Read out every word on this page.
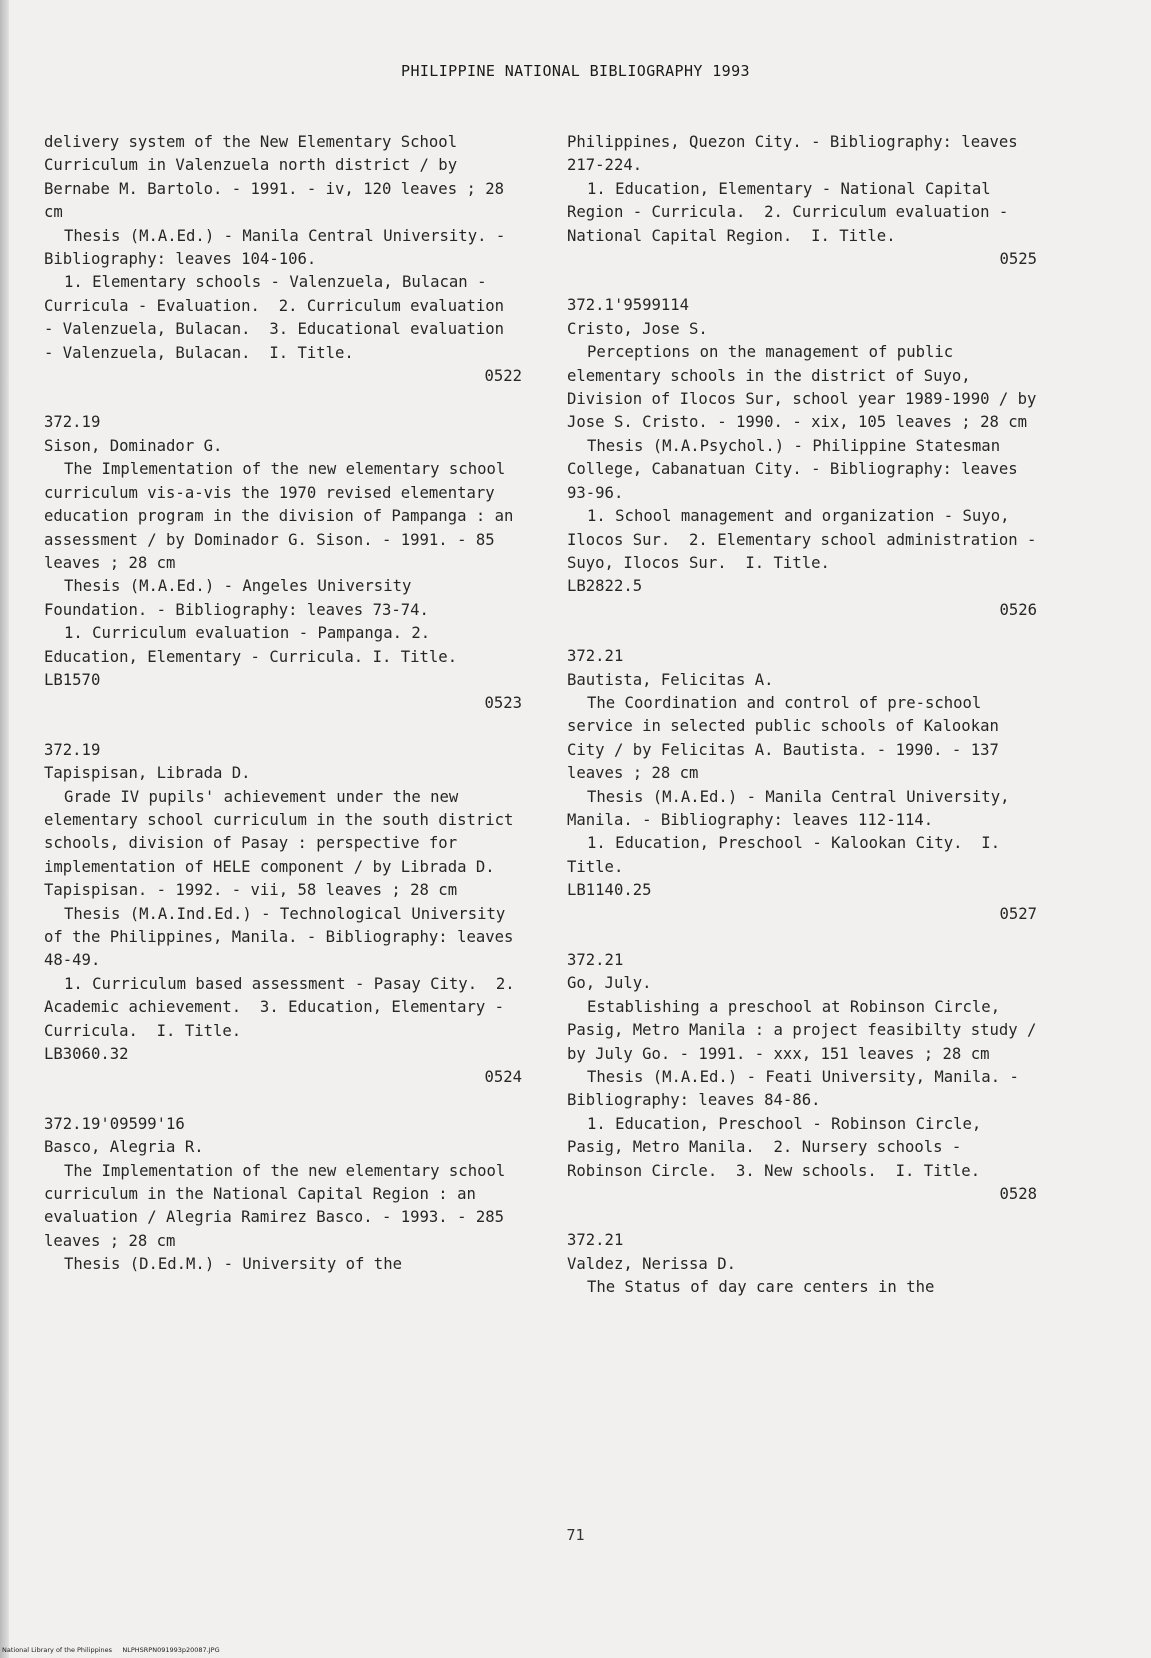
PHILIPPINE NATIONAL BIBLIOGRAPHY 1993

delivery system of the New Elementary School Curriculum in Valenzuela north district / by Bernabe M. Bartolo. - 1991. - iv, 120 leaves ; 28 cm

Thesis (M.A.Ed.) - Manila Central University. - Bibliography: leaves 104-106.

1. Elementary schools - Valenzuela, Bulacan - Curricula - Evaluation.  2. Curriculum evaluation - Valenzuela, Bulacan.  3. Educational evaluation - Valenzuela, Bulacan.  I. Title.

0522

372.19

Sison, Dominador G.

The Implementation of the new elementary school curriculum vis-a-vis the 1970 revised elementary education program in the division of Pampanga : an assessment / by Dominador G. Sison. - 1991. - 85 leaves ; 28 cm

Thesis (M.A.Ed.) - Angeles University Foundation. - Bibliography: leaves 73-74.

1. Curriculum evaluation - Pampanga. 2. Education, Elementary - Curricula. I. Title.

LB1570

0523

372.19

Tapispisan, Librada D.

Grade IV pupils' achievement under the new elementary school curriculum in the south district schools, division of Pasay : perspective for implementation of HELE component / by Librada D. Tapispisan. - 1992. - vii, 58 leaves ; 28 cm

Thesis (M.A.Ind.Ed.) - Technological University of the Philippines, Manila. - Bibliography: leaves 48-49.

1. Curriculum based assessment - Pasay City.  2. Academic achievement.  3. Education, Elementary - Curricula.  I. Title.

LB3060.32

0524

372.19'09599'16

Basco, Alegria R.

The Implementation of the new elementary school curriculum in the National Capital Region : an evaluation / Alegria Ramirez Basco. - 1993. - 285 leaves ; 28 cm

Thesis (D.Ed.M.) - University of the

Philippines, Quezon City. - Bibliography: leaves 217-224.

1. Education, Elementary - National Capital Region - Curricula.  2. Curriculum evaluation - National Capital Region.  I. Title.

0525

372.1'9599114

Cristo, Jose S.

Perceptions on the management of public elementary schools in the district of Suyo, Division of Ilocos Sur, school year 1989-1990 / by Jose S. Cristo. - 1990. - xix, 105 leaves ; 28 cm

Thesis (M.A.Psychol.) - Philippine Statesman College, Cabanatuan City. - Bibliography: leaves 93-96.

1. School management and organization - Suyo, Ilocos Sur.  2. Elementary school administration - Suyo, Ilocos Sur.  I. Title.

LB2822.5

0526

372.21

Bautista, Felicitas A.

The Coordination and control of pre-school service in selected public schools of Kalookan City / by Felicitas A. Bautista. - 1990. - 137 leaves ; 28 cm

Thesis (M.A.Ed.) - Manila Central University, Manila. - Bibliography: leaves 112-114.

1. Education, Preschool - Kalookan City.  I. Title.

LB1140.25

0527

372.21

Go, July.

Establishing a preschool at Robinson Circle, Pasig, Metro Manila : a project feasibilty study / by July Go. - 1991. - xxx, 151 leaves ; 28 cm

Thesis (M.A.Ed.) - Feati University, Manila. - Bibliography: leaves 84-86.

1. Education, Preschool - Robinson Circle, Pasig, Metro Manila.  2. Nursery schools - Robinson Circle.  3. New schools.  I. Title.

0528

372.21

Valdez, Nerissa D.

The Status of day care centers in the

71
National Library of the Philippines     NLPHSRPN091993p20087.JPG
